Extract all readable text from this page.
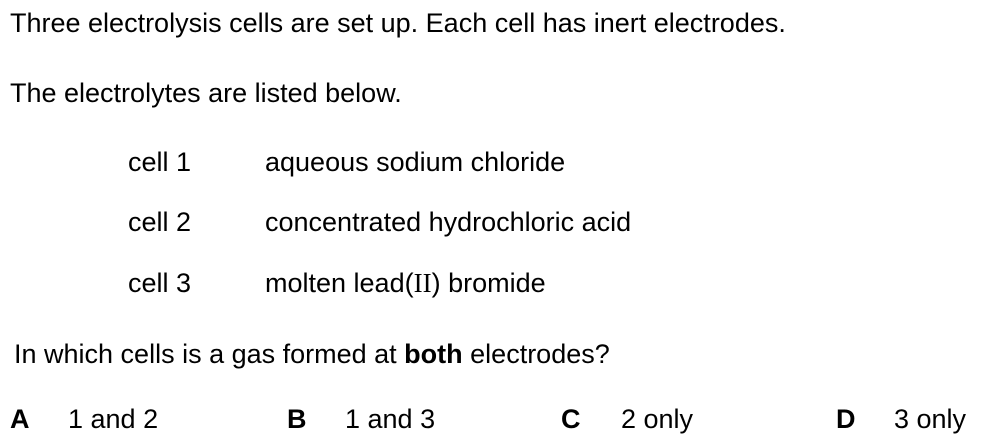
Three electrolysis cells are set up. Each cell has inert electrodes.
The electrolytes are listed below.
cell 1	aqueous sodium chloride
cell 2	concentrated hydrochloric acid
cell 3	molten lead(II) bromide
In which cells is a gas formed at both electrodes?
A 1 and 2	B 1 and 3	C 2 only	D 3 only
